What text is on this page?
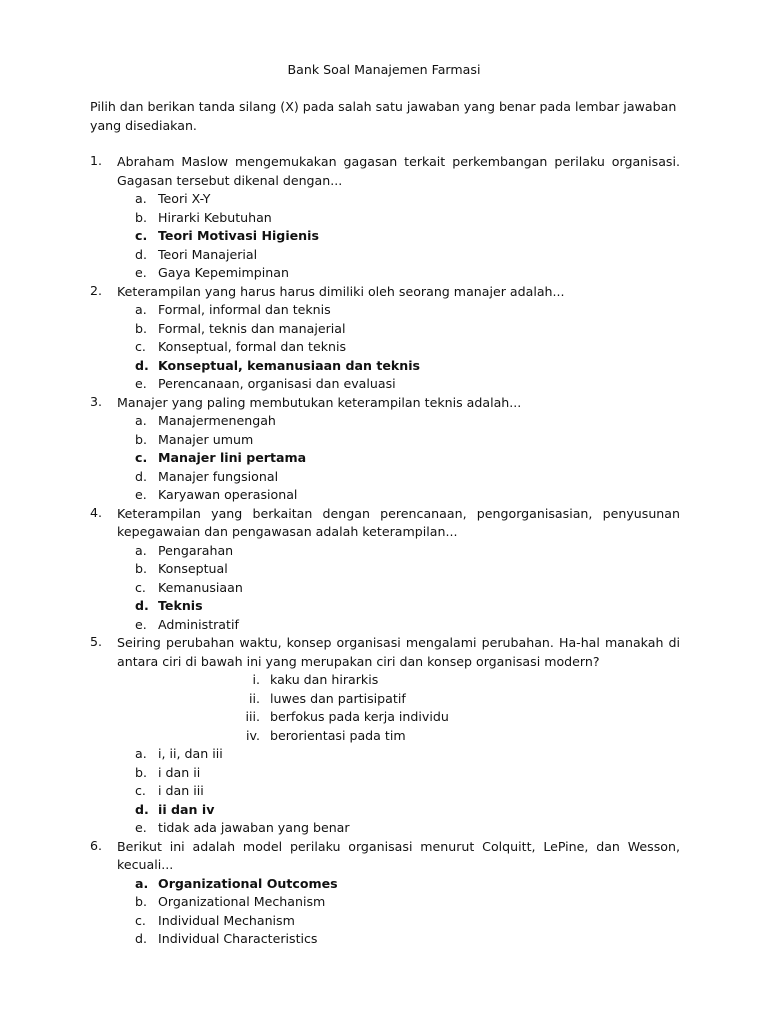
Bank Soal Manajemen Farmasi
Pilih dan berikan tanda silang (X) pada salah satu jawaban yang benar pada lembar jawaban yang disediakan.
1. Abraham Maslow mengemukakan gagasan terkait perkembangan perilaku organisasi. Gagasan tersebut dikenal dengan...
a. Teori X-Y
b. Hirarki Kebutuhan
c. Teori Motivasi Higienis
d. Teori Manajerial
e. Gaya Kepemimpinan
2. Keterampilan yang harus harus dimiliki oleh seorang manajer adalah...
a. Formal, informal dan teknis
b. Formal, teknis dan manajerial
c. Konseptual, formal dan teknis
d. Konseptual, kemanusiaan dan teknis
e. Perencanaan, organisasi dan evaluasi
3. Manajer yang paling membutukan keterampilan teknis adalah...
a. Manajermenengah
b. Manajer umum
c. Manajer lini pertama
d. Manajer fungsional
e. Karyawan operasional
4. Keterampilan yang berkaitan dengan perencanaan, pengorganisasian, penyusunan kepegawaian dan pengawasan adalah keterampilan...
a. Pengarahan
b. Konseptual
c. Kemanusiaan
d. Teknis
e. Administratif
5. Seiring perubahan waktu, konsep organisasi mengalami perubahan. Ha-hal manakah di antara ciri di bawah ini yang merupakan ciri dan konsep organisasi modern?
i. kaku dan hirarkis
ii. luwes dan partisipatif
iii. berfokus pada kerja individu
iv. berorientasi pada tim
a. i, ii, dan iii
b. i dan ii
c. i dan iii
d. ii dan iv
e. tidak ada jawaban yang benar
6. Berikut ini adalah model perilaku organisasi menurut Colquitt, LePine, dan Wesson, kecuali...
a. Organizational Outcomes
b. Organizational Mechanism
c. Individual Mechanism
d. Individual Characteristics
